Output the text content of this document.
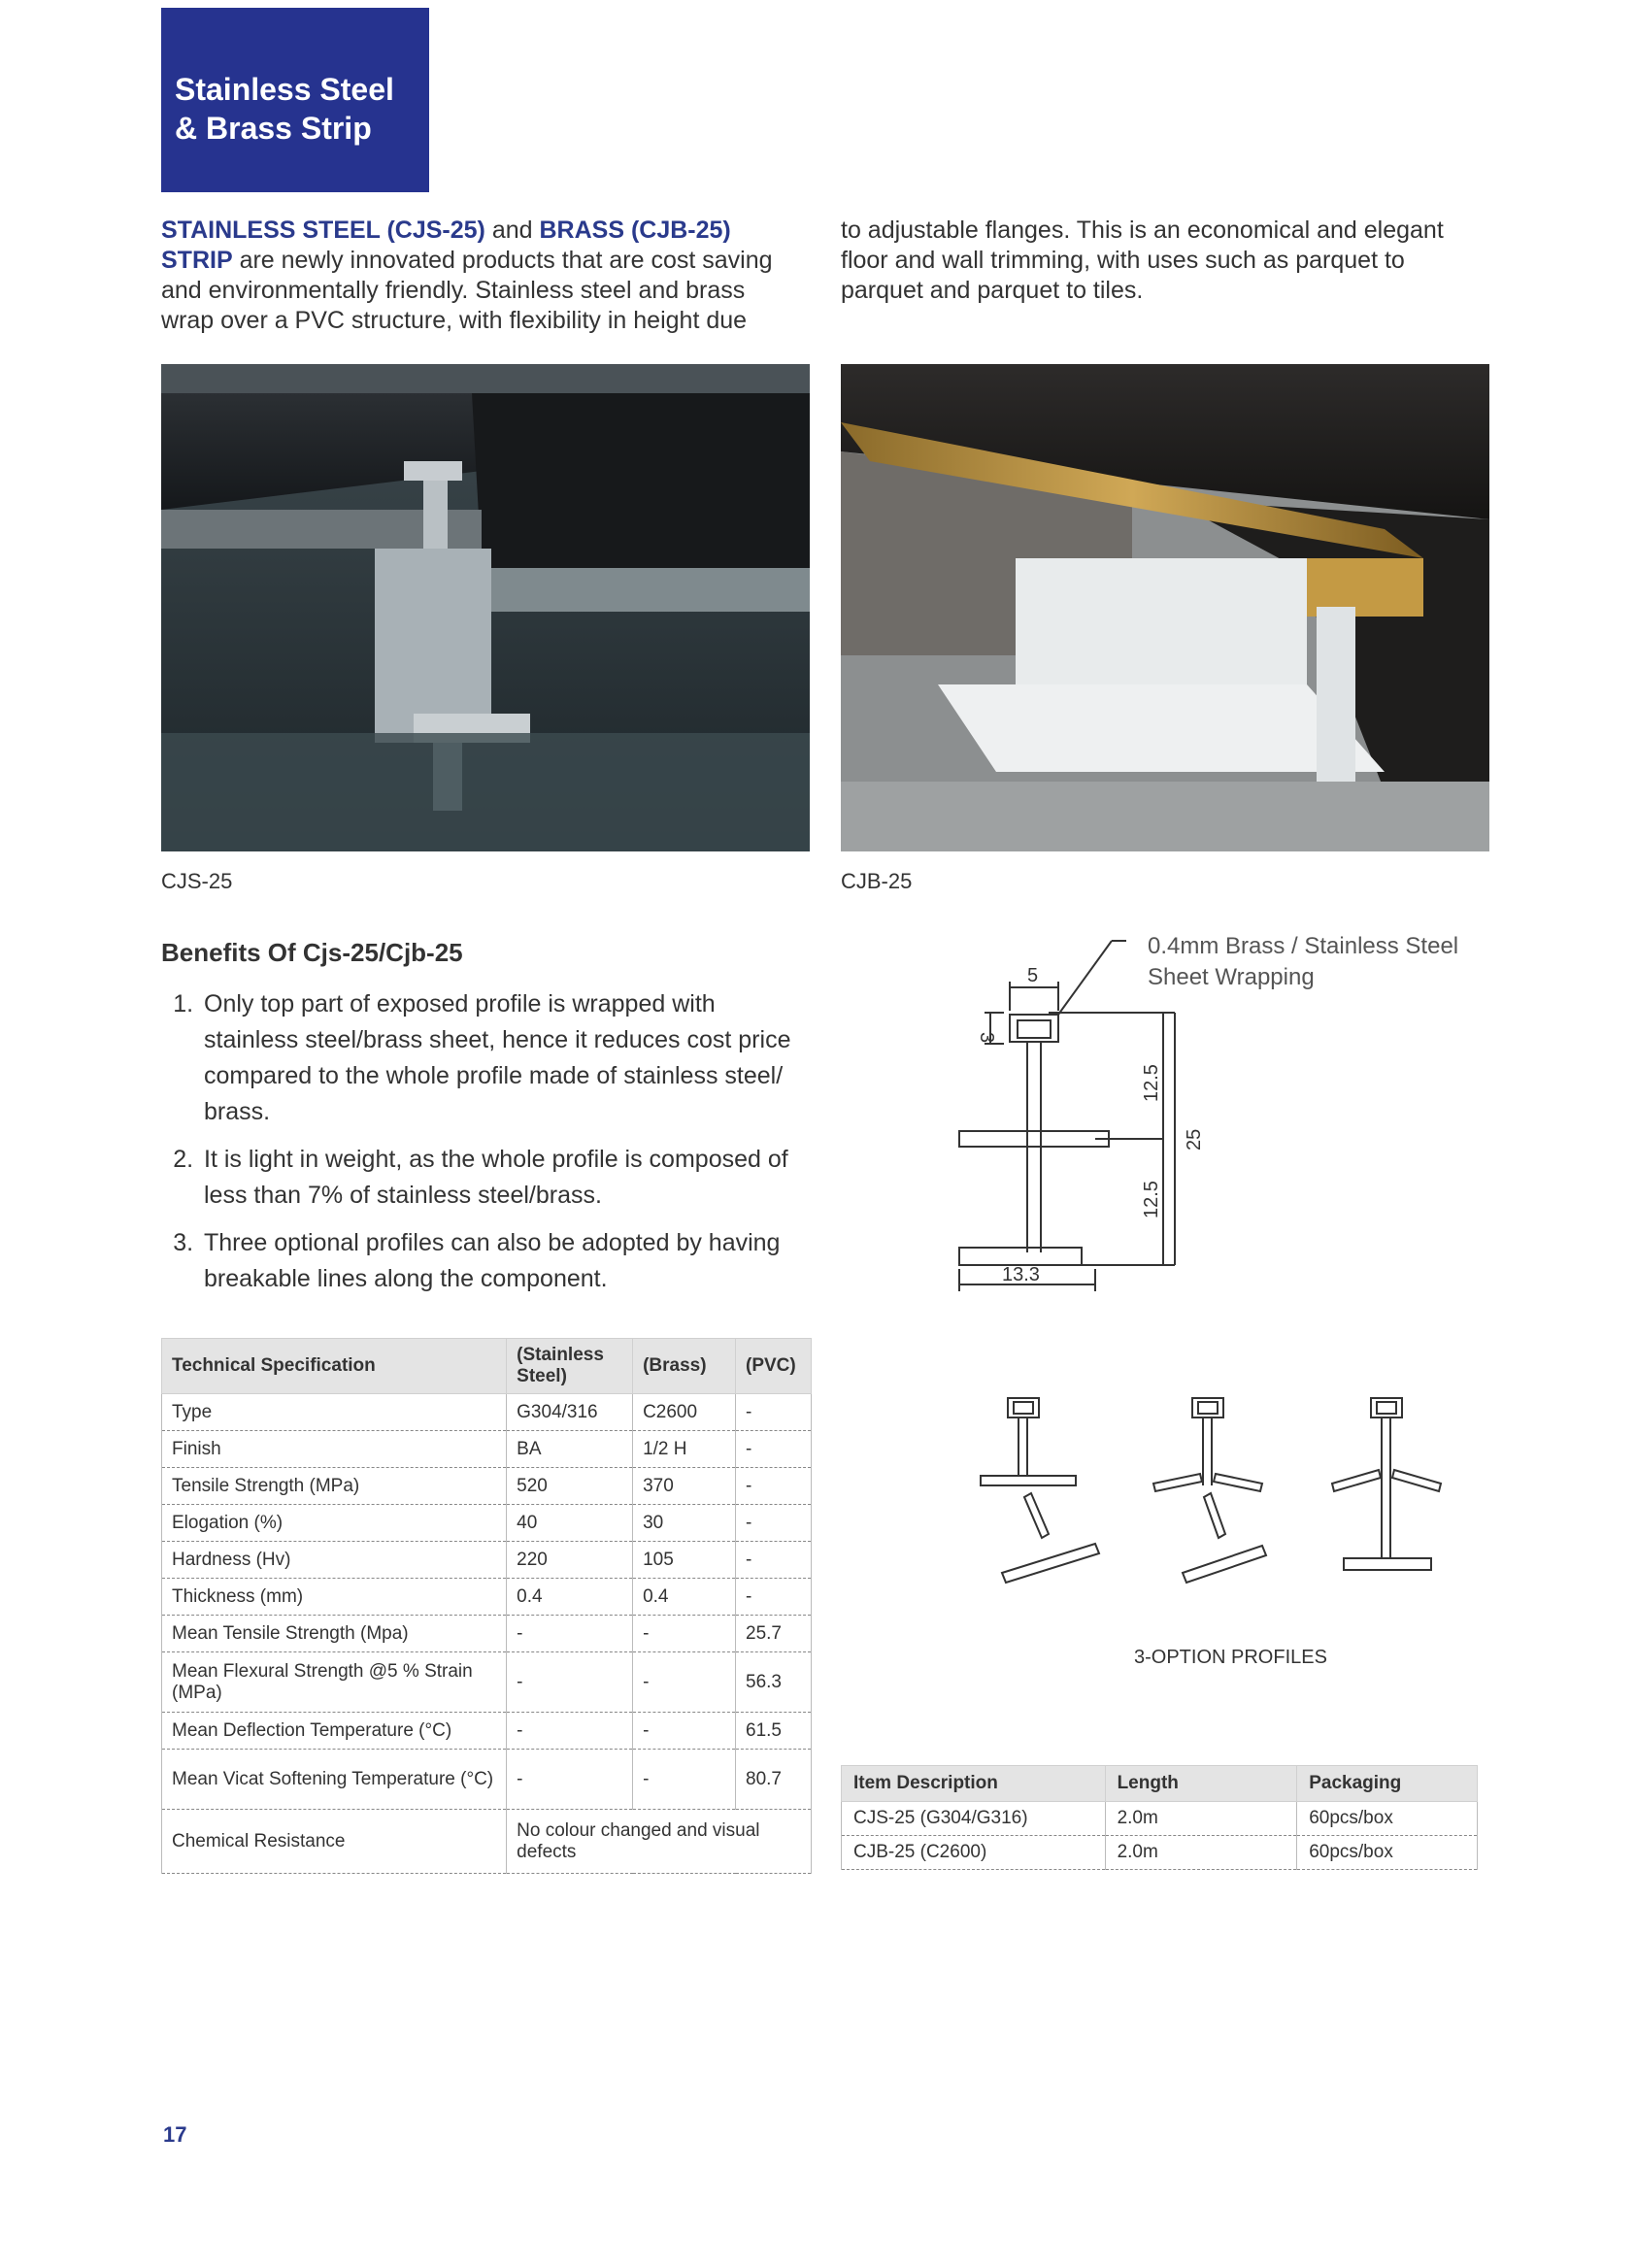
Stainless Steel
& Brass Strip
STAINLESS STEEL (CJS-25) and BRASS (CJB-25) STRIP are newly innovated products that are cost saving and environmentally friendly. Stainless steel and brass wrap over a PVC structure, with flexibility in height due
to adjustable flanges. This is an economical and elegant floor and wall trimming, with uses such as parquet to parquet and parquet to tiles.
CJS-25	CJB-25
Benefits Of Cjs-25/Cjb-25
1. Only top part of exposed profile is wrapped with stainless steel/brass sheet, hence it reduces cost price compared to the whole profile made of stainless steel/ brass.
2. It is light in weight, as the whole profile is composed of less than 7% of stainless steel/brass.
3. Three optional profiles can also be adopted by having breakable lines along the component.
5
3
12.5
12.5
25
13.3
0.4mm Brass / Stainless Steel
Sheet Wrapping
3-OPTION PROFILES
Technical Specification	(Stainless Steel)	(Brass)	(PVC)
Type	G304/316	C2600	-
Finish	BA	1/2 H	-
Tensile Strength (MPa)	520	370	-
Elogation (%)	40	30	-
Hardness (Hv)	220	105	-
Thickness (mm)	0.4	0.4	-
Mean Tensile Strength (Mpa)	-	-	25.7
Mean Flexural Strength @5 % Strain (MPa)	-	-	56.3
Mean Deflection Temperature (°C)	-	-	61.5
Mean Vicat Softening Temperature (°C)	-	-	80.7
Chemical Resistance	No colour changed and visual defects		
Item Description	Length	Packaging
CJS-25 (G304/G316)	2.0m	60pcs/box
CJB-25 (C2600)	2.0m	60pcs/box
17
